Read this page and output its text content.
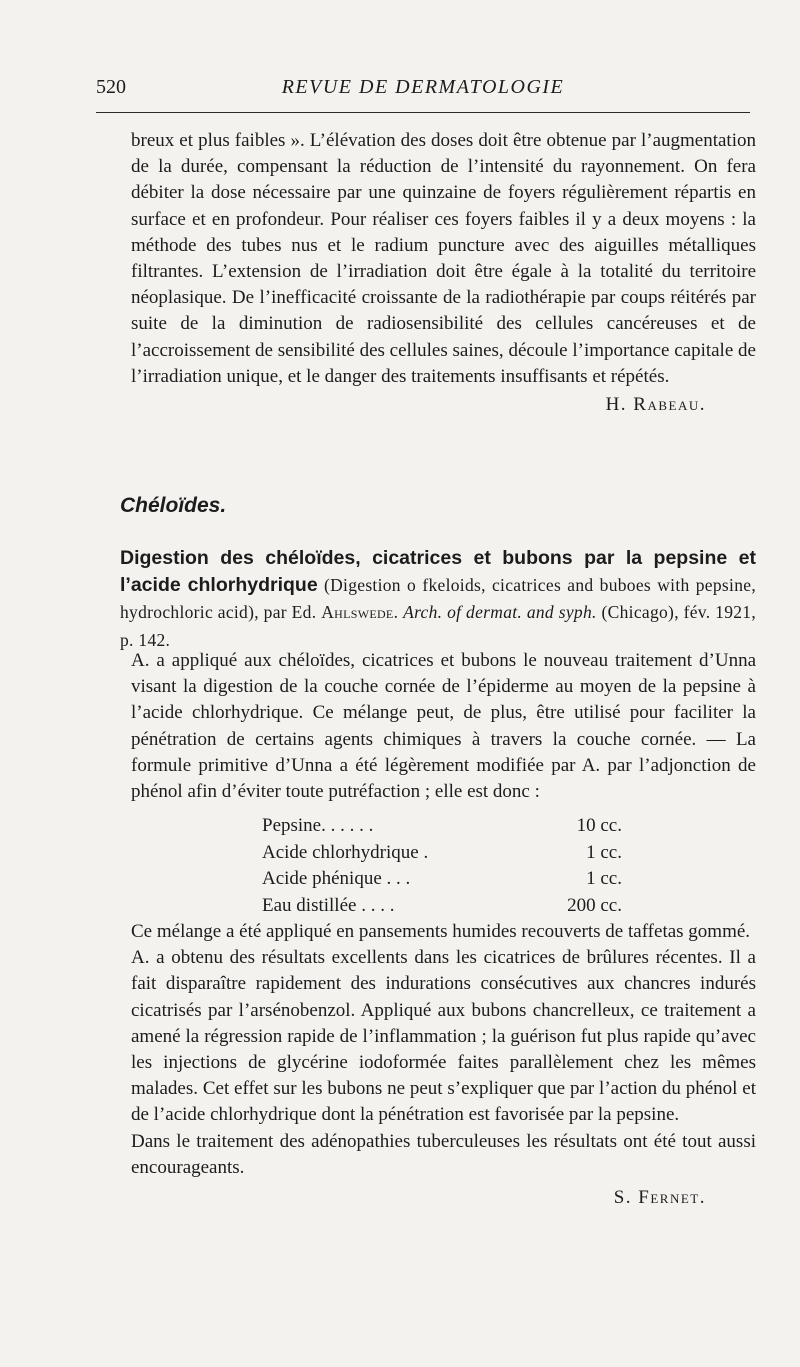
520	REVUE DE DERMATOLOGIE

breux et plus faibles ». L’élévation des doses doit être obtenue par l’augmentation de la durée, compensant la réduction de l’intensité du rayonnement. On fera débiter la dose nécessaire par une quinzaine de foyers régulièrement répartis en surface et en profondeur. Pour réaliser ces foyers faibles il y a deux moyens : la méthode des tubes nus et le radium puncture avec des aiguilles métalliques filtrantes. L’extension de l’irradiation doit être égale à la totalité du territoire néoplasique. De l’inefficacité croissante de la radiothérapie par coups réitérés par suite de la diminution de radiosensibilité des cellules cancéreuses et de l’accroissement de sensibilité des cellules saines, découle l’importance capitale de l’irradiation unique, et le danger des traitements insuffisants et répétés.

H. Rabeau.
Chéloïdes.
Digestion des chéloïdes, cicatrices et bubons par la pepsine et l’acide chlorhydrique (Digestion o fkeloids, cicatrices and buboes with pepsine, hydrochloric acid), par Ed. Ahlswede. Arch. of dermat. and syph. (Chicago), fév. 1921, p. 142.

A. a appliqué aux chéloïdes, cicatrices et bubons le nouveau traitement d’Unna visant la digestion de la couche cornée de l’épiderme au moyen de la pepsine à l’acide chlorhydrique. Ce mélange peut, de plus, être utilisé pour faciliter la pénétration de certains agents chimiques à travers la couche cornée. — La formule primitive d’Unna a été légèrement modifiée par A. par l’adjonction de phénol afin d’éviter toute putréfaction ; elle est donc :

Pepsine. . . . . .	10 cc.
Acide chlorhydrique .	1 cc.
Acide phénique . . .	1 cc.
Eau distillée . . . .	200 cc.

Ce mélange a été appliqué en pansements humides recouverts de taffetas gommé.

A. a obtenu des résultats excellents dans les cicatrices de brûlures récentes. Il a fait disparaître rapidement des indurations consécutives aux chancres indurés cicatrisés par l’arsénobenzol. Appliqué aux bubons chancrelleux, ce traitement a amené la régression rapide de l’inflammation ; la guérison fut plus rapide qu’avec les injections de glycérine iodoformée faites parallèlement chez les mêmes malades. Cet effet sur les bubons ne peut s’expliquer que par l’action du phénol et de l’acide chlorhydrique dont la pénétration est favorisée par la pepsine.

Dans le traitement des adénopathies tuberculeuses les résultats ont été tout aussi encourageants.

S. Fernet.
